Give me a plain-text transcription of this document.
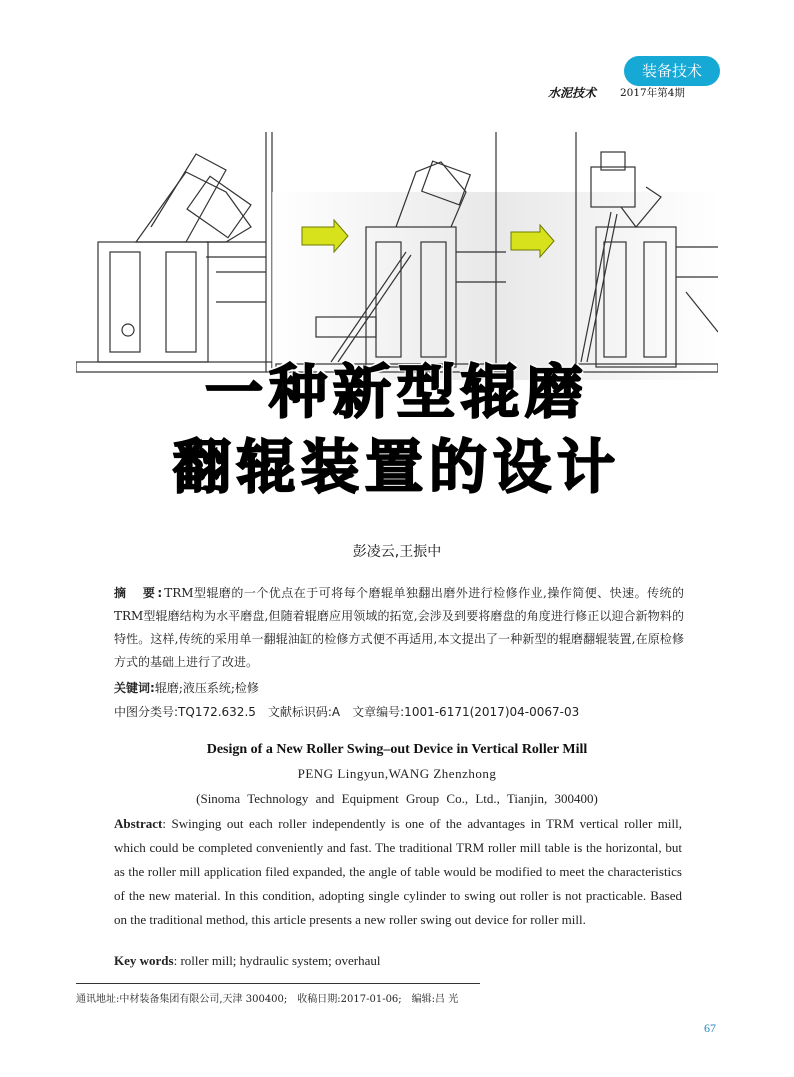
装备技术
水泥技术 2017年第4期
一种新型辊磨
翻辊装置的设计
彭凌云,王振中
摘　要:TRM型辊磨的一个优点在于可将每个磨辊单独翻出磨外进行检修作业,操作简便、快速。传统的TRM型辊磨结构为水平磨盘,但随着辊磨应用领域的拓宽,会涉及到要将磨盘的角度进行修正以迎合新物料的特性。这样,传统的采用单一翻辊油缸的检修方式便不再适用,本文提出了一种新型的辊磨翻辊装置,在原检修方式的基础上进行了改进。
关键词:辊磨;液压系统;检修
中图分类号:TQ172.632.5　文献标识码:A　文章编号:1001-6171(2017)04-0067-03
Design of a New Roller Swing–out Device in Vertical Roller Mill
PENG Lingyun,WANG Zhenzhong
(Sinoma Technology and Equipment Group Co., Ltd., Tianjin, 300400)
Abstract: Swinging out each roller independently is one of the advantages in TRM vertical roller mill, which could be completed conveniently and fast. The traditional TRM roller mill table is the horizontal, but as the roller mill application filed expanded, the angle of table would be modified to meet the characteristics of the new material. In this condition, adopting single cylinder to swing out roller is not practicable. Based on the traditional method, this article presents a new roller swing out device for roller mill.
Key words: roller mill; hydraulic system; overhaul
通讯地址:中材装备集团有限公司,天津 300400;　收稿日期:2017-01-06;　编辑:吕 光
67
